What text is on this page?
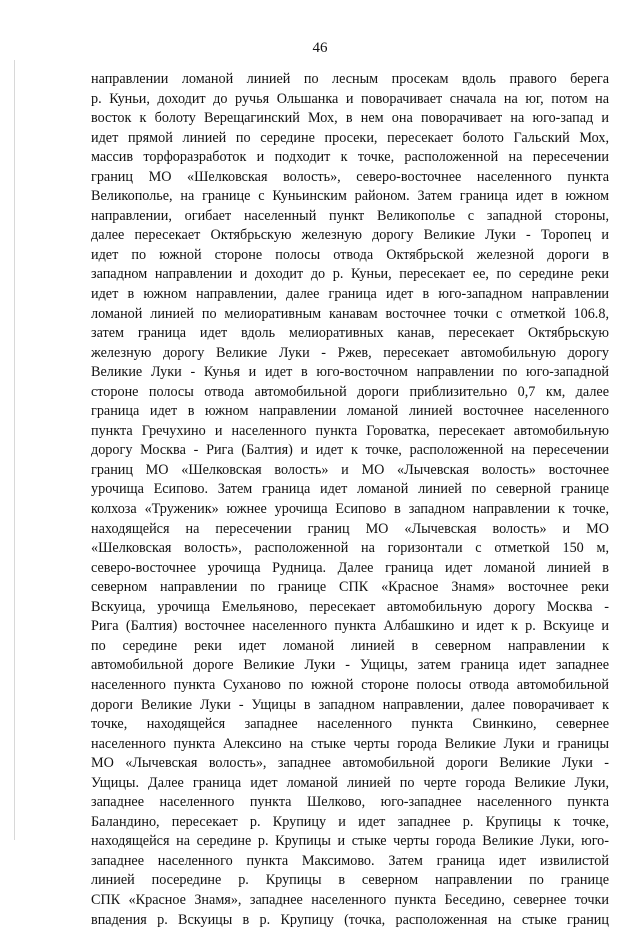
46
направлении ломаной линией по лесным просекам вдоль правого берега
р. Куньи, доходит до ручья Ольшанка и поворачивает сначала на юг, потом на
восток к болоту Верещагинский Мох, в нем она поворачивает на юго-запад и
идет прямой линией по середине просеки, пересекает болото Гальский Мох,
массив торфоразработок и подходит к точке, расположенной на пересечении
границ МО «Шелковская волость», северо-восточнее населенного пункта
Великополье, на границе с Куньинским районом. Затем граница идет в южном
направлении, огибает населенный пункт Великополье с западной стороны,
далее пересекает Октябрьскую железную дорогу Великие Луки - Торопец и
идет по южной стороне полосы отвода Октябрьской железной дороги в
западном направлении и доходит до р. Куньи, пересекает ее, по середине реки
идет в южном направлении, далее граница идет в юго-западном направлении
ломаной линией по мелиоративным канавам восточнее точки с отметкой 106.8,
затем граница идет вдоль мелиоративных канав, пересекает Октябрьскую
железную дорогу Великие Луки - Ржев, пересекает автомобильную дорогу
Великие Луки - Кунья и идет в юго-восточном направлении по юго-западной
стороне полосы отвода автомобильной дороги приблизительно 0,7 км, далее
граница идет в южном направлении ломаной линией восточнее населенного
пункта Гречухино и населенного пункта Горoватка, пересекает автомобильную
дорогу Москва - Рига (Балтия) и идет к точке, расположенной на пересечении
границ МО «Шелковская волость» и МО «Лычевская волость» восточнее
урочища Есипово. Затем граница идет ломаной линией по северной границе
колхоза «Труженик» южнее урочища Есипово в западном направлении к точке,
находящейся на пересечении границ МО «Лычевская волость» и МО
«Шелковская волость», расположенной на горизонтали с отметкой 150 м,
северо-восточнее урочища Рудница. Далее граница идет ломаной линией в
северном направлении по границе СПК «Красное Знамя» восточнее реки
Вскуица, урочища Емельяново, пересекает автомобильную дорогу Москва -
Рига (Балтия) восточнее населенного пункта Албашкино и идет к р. Вскуице и
по середине реки идет ломаной линией в северном направлении к
автомобильной дороге Великие Луки - Ущицы, затем граница идет западнее
населенного пункта Суханово по южной стороне полосы отвода автомобильной
дороги Великие Луки - Ущицы в западном направлении, далее поворачивает к
точке, находящейся западнее населенного пункта Свинкино, севернее
населенного пункта Алексино на стыке черты города Великие Луки и границы
МО «Лычевская волость», западнее автомобильной дороги Великие Луки -
Ущицы. Далее граница идет ломаной линией по черте города Великие Луки,
западнее населенного пункта Шелково, юго-западнее населенного пункта
Баландино, пересекает р. Крупицу и идет западнее р. Крупицы к точке,
находящейся на середине р. Крупицы и стыке черты города Великие Луки, юго-
западнее населенного пункта Максимово. Затем граница идет извилистой
линией посередине р. Крупицы в северном направлении по границе
СПК «Красное Знамя», западнее населенного пункта Беседино, севернее точки
впадения р. Вскуицы в р. Крупицу (точка, расположенная на стыке границ
